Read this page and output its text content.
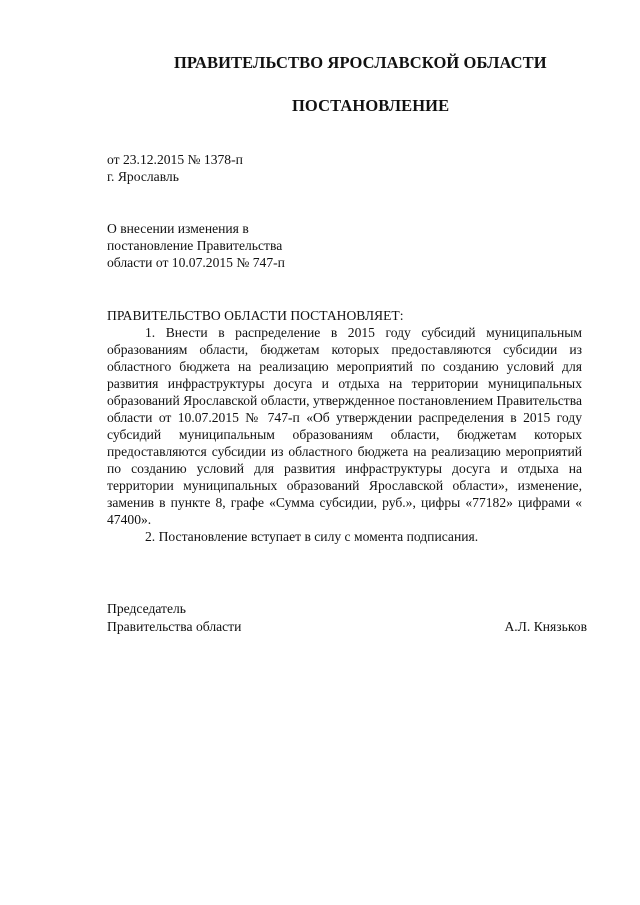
ПРАВИТЕЛЬСТВО ЯРОСЛАВСКОЙ ОБЛАСТИ
ПОСТАНОВЛЕНИЕ
от 23.12.2015 № 1378-п
г. Ярославль
О внесении изменения в
постановление Правительства
области от 10.07.2015 № 747-п
ПРАВИТЕЛЬСТВО ОБЛАСТИ ПОСТАНОВЛЯЕТ:

1. Внести в распределение в 2015 году субсидий муниципальным образованиям области, бюджетам которых предоставляются субсидии из областного бюджета на реализацию мероприятий по созданию условий для развития инфраструктуры досуга и отдыха на территории муниципальных образований Ярославской области, утвержденное постановлением Правительства области от 10.07.2015 № 747-п «Об утверждении распределения в 2015 году субсидий муниципальным образованиям области, бюджетам которых предоставляются субсидии из областного бюджета на реализацию мероприятий по созданию условий для развития инфраструктуры досуга и отдыха на территории муниципальных образований Ярославской области», изменение, заменив в пункте 8, графе «Сумма субсидии, руб.», цифры «77182» цифрами « 47400».

2. Постановление вступает в силу с момента подписания.

Председатель
Правительства области	А.Л. Князьков
